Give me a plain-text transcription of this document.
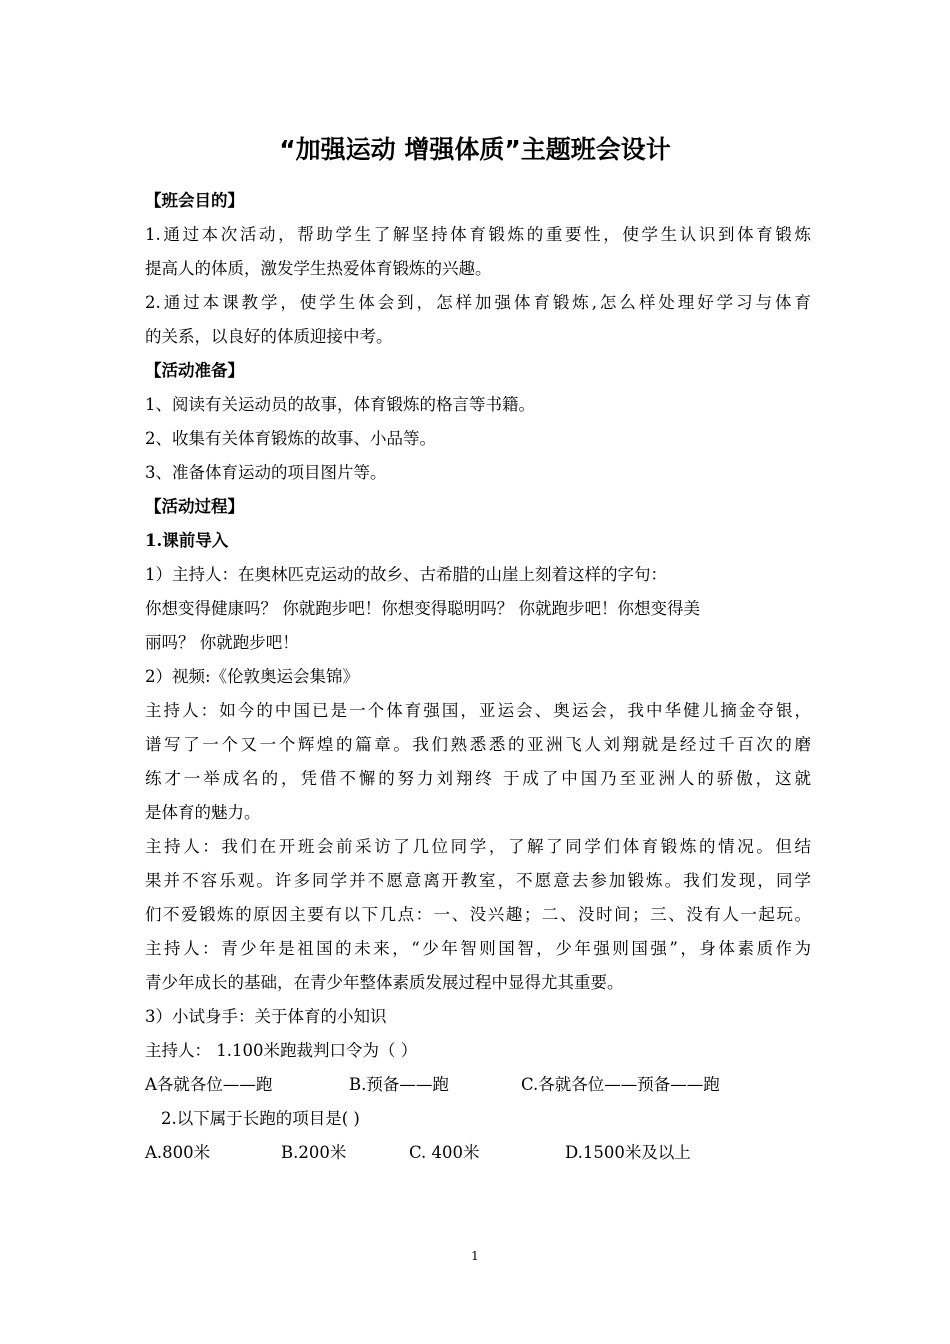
“加强运动 增强体质”主题班会设计
【班会目的】
1.通过本次活动，帮助学生了解坚持体育锻炼的重要性，使学生认识到体育锻炼
提高人的体质，激发学生热爱体育锻炼的兴趣。
2.通过本课教学，使学生体会到，怎样加强体育锻炼,怎么样处理好学习与体育
的关系，以良好的体质迎接中考。
【活动准备】
1、阅读有关运动员的故事，体育锻炼的格言等书籍。
2、收集有关体育锻炼的故事、小品等。
3、准备体育运动的项目图片等。
【活动过程】
1.课前导入
1）主持人：在奥林匹克运动的故乡、古希腊的山崖上刻着这样的字句：
你想变得健康吗？ 你就跑步吧！你想变得聪明吗？ 你就跑步吧！你想变得美
丽吗？ 你就跑步吧！
2）视频:《伦敦奥运会集锦》
主持人：如今的中国已是一个体育强国，亚运会、奥运会，我中华健儿摘金夺银，
谱写了一个又一个辉煌的篇章。我们熟悉悉的亚洲飞人刘翔就是经过千百次的磨
练才一举成名的，凭借不懈的努力刘翔终 于成了中国乃至亚洲人的骄傲，这就
是体育的魅力。
主持人：我们在开班会前采访了几位同学，了解了同学们体育锻炼的情况。但结
果并不容乐观。许多同学并不愿意离开教室，不愿意去参加锻炼。我们发现，同学
们不爱锻炼的原因主要有以下几点：一、没兴趣；二、没时间；三、没有人一起玩。
主持人：青少年是祖国的未来，“少年智则国智，少年强则国强”，身体素质作为
青少年成长的基础，在青少年整体素质发展过程中显得尤其重要。
3）小试身手：关于体育的小知识
主持人： 1.100米跑裁判口令为（ ）
A各就各位——跑	B.预备——跑	C.各就各位——预备——跑
2.以下属于长跑的项目是( )
A.800米	B.200米	C. 400米	D.1500米及以上
1
